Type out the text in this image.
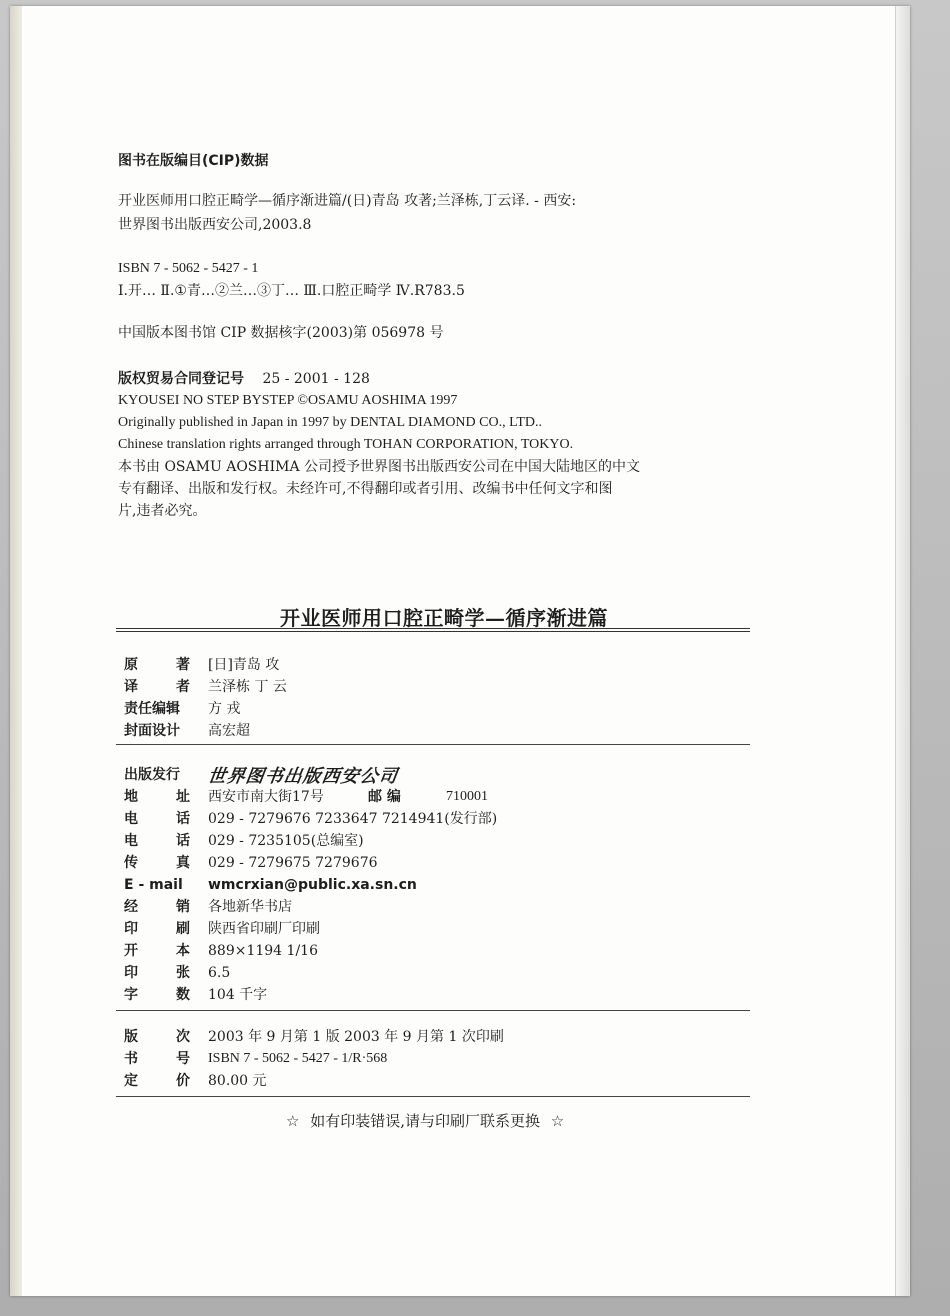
图书在版编目(CIP)数据
开业医师用口腔正畸学—循序渐进篇/(日)青岛 攻著;兰泽栋,丁云译. - 西安:
世界图书出版西安公司,2003.8
ISBN 7 - 5062 - 5427 - 1
Ⅰ.开… Ⅱ.①青…②兰…③丁… Ⅲ.口腔正畸学 Ⅳ.R783.5
中国版本图书馆 CIP 数据核字(2003)第 056978 号
版权贸易合同登记号 25 - 2001 - 128
KYOUSEI NO STEP BYSTEP ©OSAMU AOSHIMA 1997
Originally published in Japan in 1997 by DENTAL DIAMOND CO., LTD..
Chinese translation rights arranged through TOHAN CORPORATION, TOKYO.
本书由 OSAMU AOSHIMA 公司授予世界图书出版西安公司在中国大陆地区的中文
专有翻译、出版和发行权。未经许可,不得翻印或者引用、改编书中任何文字和图
片,违者必究。
开业医师用口腔正畸学—循序渐进篇
原	著 [日]青岛 攻
译	者 兰泽栋 丁 云
责任编辑 方 戎
封面设计 高宏超
出版发行 世界图书出版西安公司
地	址 西安市南大街17号	邮 编	710001
电	话 029 - 7279676 7233647 7214941(发行部)
电	话 029 - 7235105(总编室)
传	真 029 - 7279675 7279676
E - mail wmcrxian@public.xa.sn.cn
经	销 各地新华书店
印	刷 陕西省印刷厂印刷
开	本 889×1194 1/16
印	张 6.5
字	数 104 千字
版	次 2003 年 9 月第 1 版 2003 年 9 月第 1 次印刷
书	号 ISBN 7 - 5062 - 5427 - 1/R·568
定	价 80.00 元
☆ 如有印装错误,请与印刷厂联系更换 ☆
